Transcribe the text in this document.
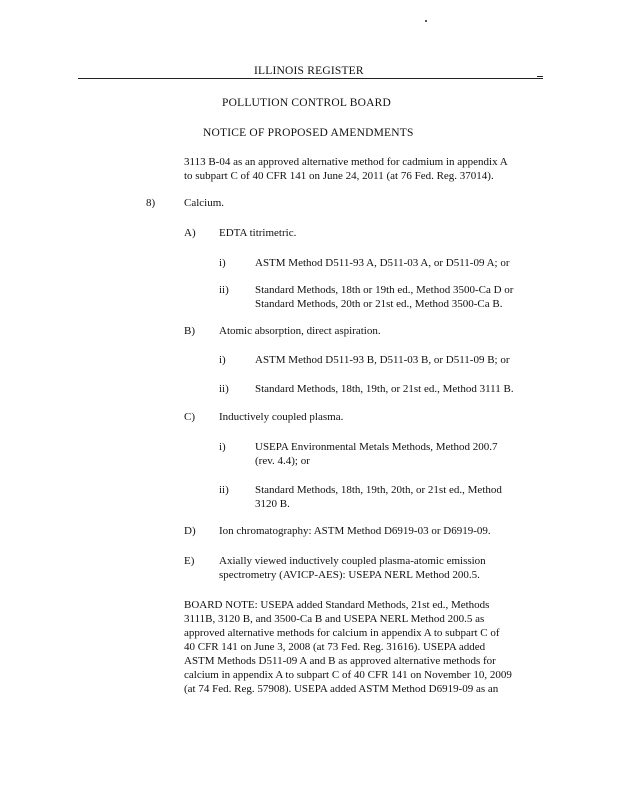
ILLINOIS REGISTER
POLLUTION CONTROL BOARD
NOTICE OF PROPOSED AMENDMENTS
3113 B-04 as an approved alternative method for cadmium in appendix A
to subpart C of 40 CFR 141 on June 24, 2011 (at 76 Fed. Reg. 37014).
8)	Calcium.
A) EDTA titrimetric.
i)	ASTM Method D511-93 A, D511-03 A, or D511-09 A; or
ii) Standard Methods, 18th or 19th ed., Method 3500-Ca D or
Standard Methods, 20th or 21st ed., Method 3500-Ca B.
B) Atomic absorption, direct aspiration.
i)	ASTM Method D511-93 B, D511-03 B, or D511-09 B; or
ii) Standard Methods, 18th, 19th, or 21st ed., Method 3111 B.
C) Inductively coupled plasma.
i)	USEPA Environmental Metals Methods, Method 200.7
(rev. 4.4); or
ii) Standard Methods, 18th, 19th, 20th, or 21st ed., Method
3120 B.
D) Ion chromatography: ASTM Method D6919-03 or D6919-09.
E) Axially viewed inductively coupled plasma-atomic emission
spectrometry (AVICP-AES): USEPA NERL Method 200.5.
BOARD NOTE: USEPA added Standard Methods, 21st ed., Methods
3111B, 3120 B, and 3500-Ca B and USEPA NERL Method 200.5 as
approved alternative methods for calcium in appendix A to subpart C of
40 CFR 141 on June 3, 2008 (at 73 Fed. Reg. 31616). USEPA added
ASTM Methods D511-09 A and B as approved alternative methods for
calcium in appendix A to subpart C of 40 CFR 141 on November 10, 2009
(at 74 Fed. Reg. 57908). USEPA added ASTM Method D6919-09 as an
